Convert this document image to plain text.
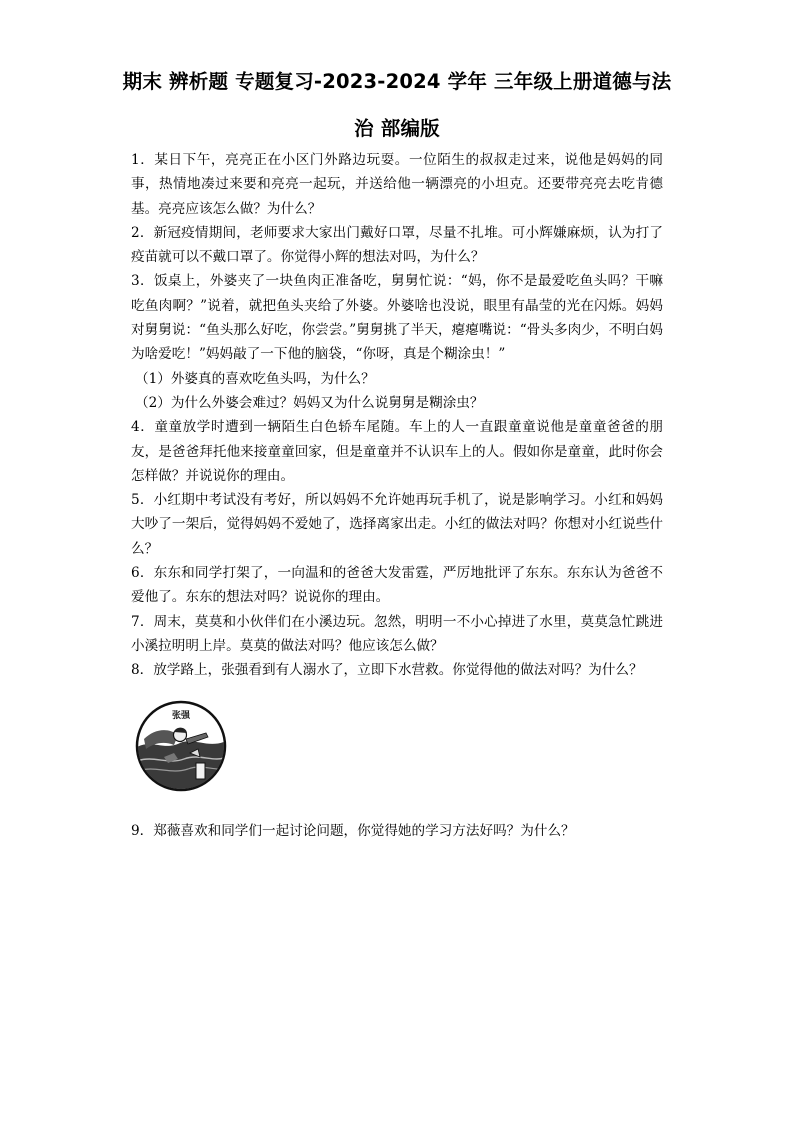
期末 辨析题 专题复习-2023-2024 学年 三年级上册道德与法
治 部编版

1．某日下午，亮亮正在小区门外路边玩耍。一位陌生的叔叔走过来，说他是妈妈的同事，热情地凑过来要和亮亮一起玩，并送给他一辆漂亮的小坦克。还要带亮亮去吃肯德基。亮亮应该怎么做？为什么？

2．新冠疫情期间，老师要求大家出门戴好口罩，尽量不扎堆。可小辉嫌麻烦，认为打了疫苗就可以不戴口罩了。你觉得小辉的想法对吗，为什么？

3．饭桌上，外婆夹了一块鱼肉正准备吃，舅舅忙说：“妈，你不是最爱吃鱼头吗？干嘛吃鱼肉啊？”说着，就把鱼头夹给了外婆。外婆啥也没说，眼里有晶莹的光在闪烁。妈妈对舅舅说：“鱼头那么好吃，你尝尝。”舅舅挑了半天，瘪瘪嘴说：“骨头多肉少，不明白妈为啥爱吃！”妈妈敲了一下他的脑袋，“你呀，真是个糊涂虫！”

（1）外婆真的喜欢吃鱼头吗，为什么？

（2）为什么外婆会难过？妈妈又为什么说舅舅是糊涂虫？

4．童童放学时遭到一辆陌生白色轿车尾随。车上的人一直跟童童说他是童童爸爸的朋友，是爸爸拜托他来接童童回家，但是童童并不认识车上的人。假如你是童童，此时你会怎样做？并说说你的理由。

5．小红期中考试没有考好，所以妈妈不允许她再玩手机了，说是影响学习。小红和妈妈大吵了一架后，觉得妈妈不爱她了，选择离家出走。小红的做法对吗？你想对小红说些什么？

6．东东和同学打架了，一向温和的爸爸大发雷霆，严厉地批评了东东。东东认为爸爸不爱他了。东东的想法对吗？说说你的理由。

7．周末，莫莫和小伙伴们在小溪边玩。忽然，明明一不小心掉进了水里，莫莫急忙跳进小溪拉明明上岸。莫莫的做法对吗？他应该怎么做？

8．放学路上，张强看到有人溺水了，立即下水营救。你觉得他的做法对吗？为什么？

张强

9．郑薇喜欢和同学们一起讨论问题，你觉得她的学习方法好吗？为什么？
